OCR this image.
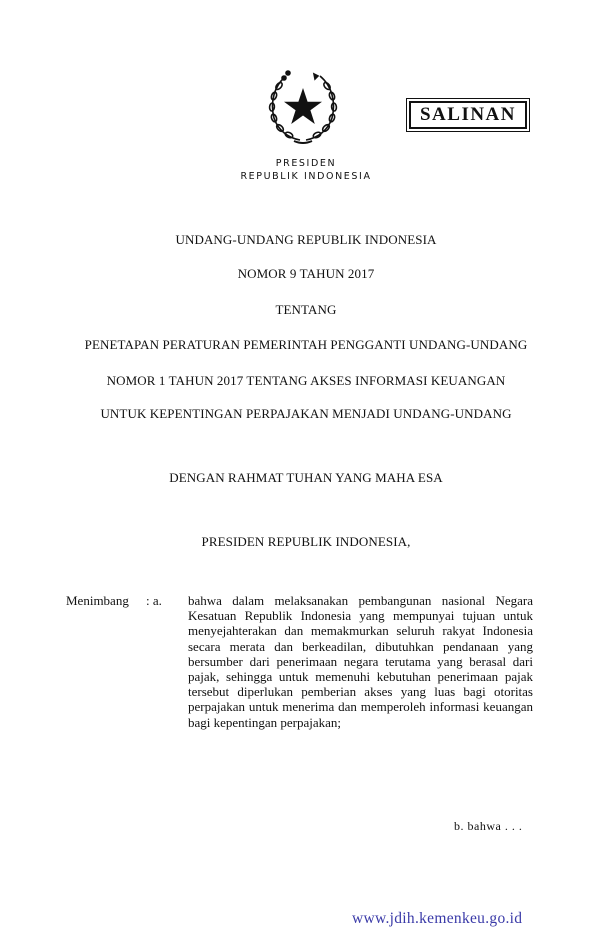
SALINAN
PRESIDEN
REPUBLIK INDONESIA
UNDANG-UNDANG REPUBLIK INDONESIA
NOMOR 9 TAHUN 2017
TENTANG
PENETAPAN PERATURAN PEMERINTAH PENGGANTI UNDANG-UNDANG
NOMOR 1 TAHUN 2017 TENTANG AKSES INFORMASI KEUANGAN
UNTUK KEPENTINGAN PERPAJAKAN MENJADI UNDANG-UNDANG
DENGAN RAHMAT TUHAN YANG MAHA ESA
PRESIDEN REPUBLIK INDONESIA,
Menimbang : a. bahwa dalam melaksanakan pembangunan nasional Negara Kesatuan Republik Indonesia yang mempunyai tujuan untuk menyejahterakan dan memakmurkan seluruh rakyat Indonesia secara merata dan berkeadilan, dibutuhkan pendanaan yang bersumber dari penerimaan negara terutama yang berasal dari pajak, sehingga untuk memenuhi kebutuhan penerimaan pajak tersebut diperlukan pemberian akses yang luas bagi otoritas perpajakan untuk menerima dan memperoleh informasi keuangan bagi kepentingan perpajakan;

b. bahwa . . .
www.jdih.kemenkeu.go.id
